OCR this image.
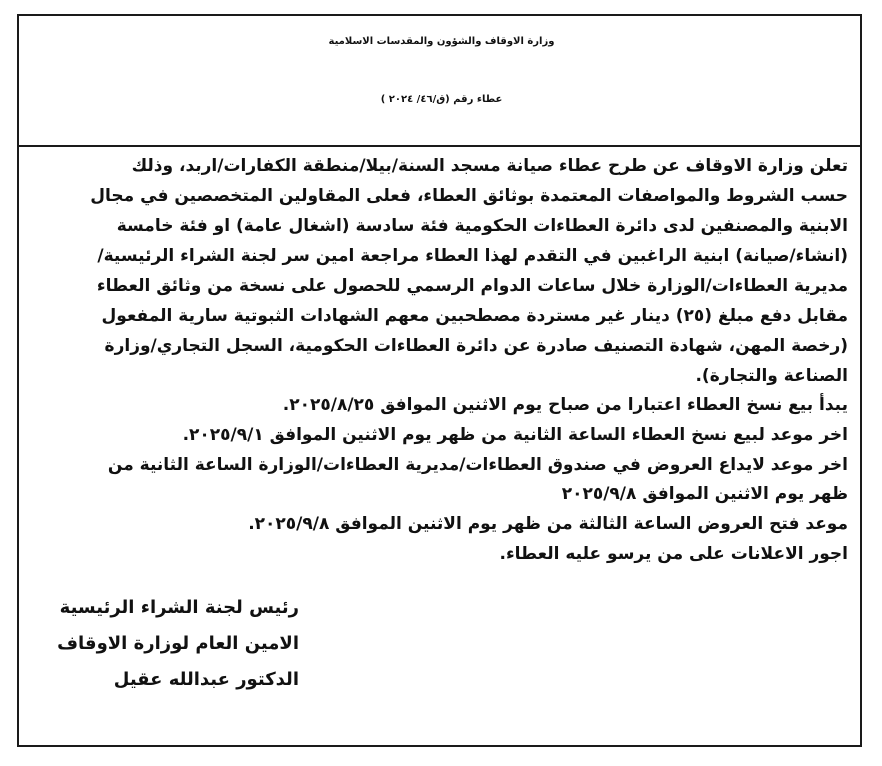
وزارة الاوقاف والشؤون والمقدسات الاسلامية
عطاء رقم (ق/٤٦/ ٢٠٢٤ )
تعلن وزارة الاوقاف عن طرح عطاء صيانة مسجد السنة/بيلا/منطقة الكفارات/اربد، وذلك
حسب الشروط والمواصفات المعتمدة بوثائق العطاء، فعلى المقاولين المتخصصين في مجال
الابنية والمصنفين لدى دائرة العطاءات الحكومية فئة سادسة (اشغال عامة) او فئة خامسة
(انشاء/صيانة) ابنية الراغبين في التقدم لهذا العطاء مراجعة امين سر لجنة الشراء الرئيسية/
مديرية العطاءات/الوزارة خلال ساعات الدوام الرسمي للحصول على نسخة من وثائق العطاء
مقابل دفع مبلغ (٢٥) دينار غير مستردة مصطحبين معهم الشهادات الثبوتية سارية المفعول
(رخصة المهن، شهادة التصنيف صادرة عن دائرة العطاءات الحكومية، السجل التجاري/وزارة
الصناعة والتجارة).
يبدأ بيع نسخ العطاء اعتبارا من صباح يوم الاثنين الموافق ٢٠٢٥/٨/٢٥.
اخر موعد لبيع نسخ العطاء الساعة الثانية من ظهر يوم الاثنين الموافق ٢٠٢٥/٩/١.
اخر موعد لايداع العروض في صندوق العطاءات/مديرية العطاءات/الوزارة الساعة الثانية من
ظهر يوم الاثنين الموافق ٢٠٢٥/٩/٨
موعد فتح العروض الساعة الثالثة من ظهر يوم الاثنين الموافق ٢٠٢٥/٩/٨.
اجور الاعلانات على من يرسو عليه العطاء.
رئيس لجنة الشراء الرئيسية
الامين العام لوزارة الاوقاف
الدكتور عبدالله عقيل
